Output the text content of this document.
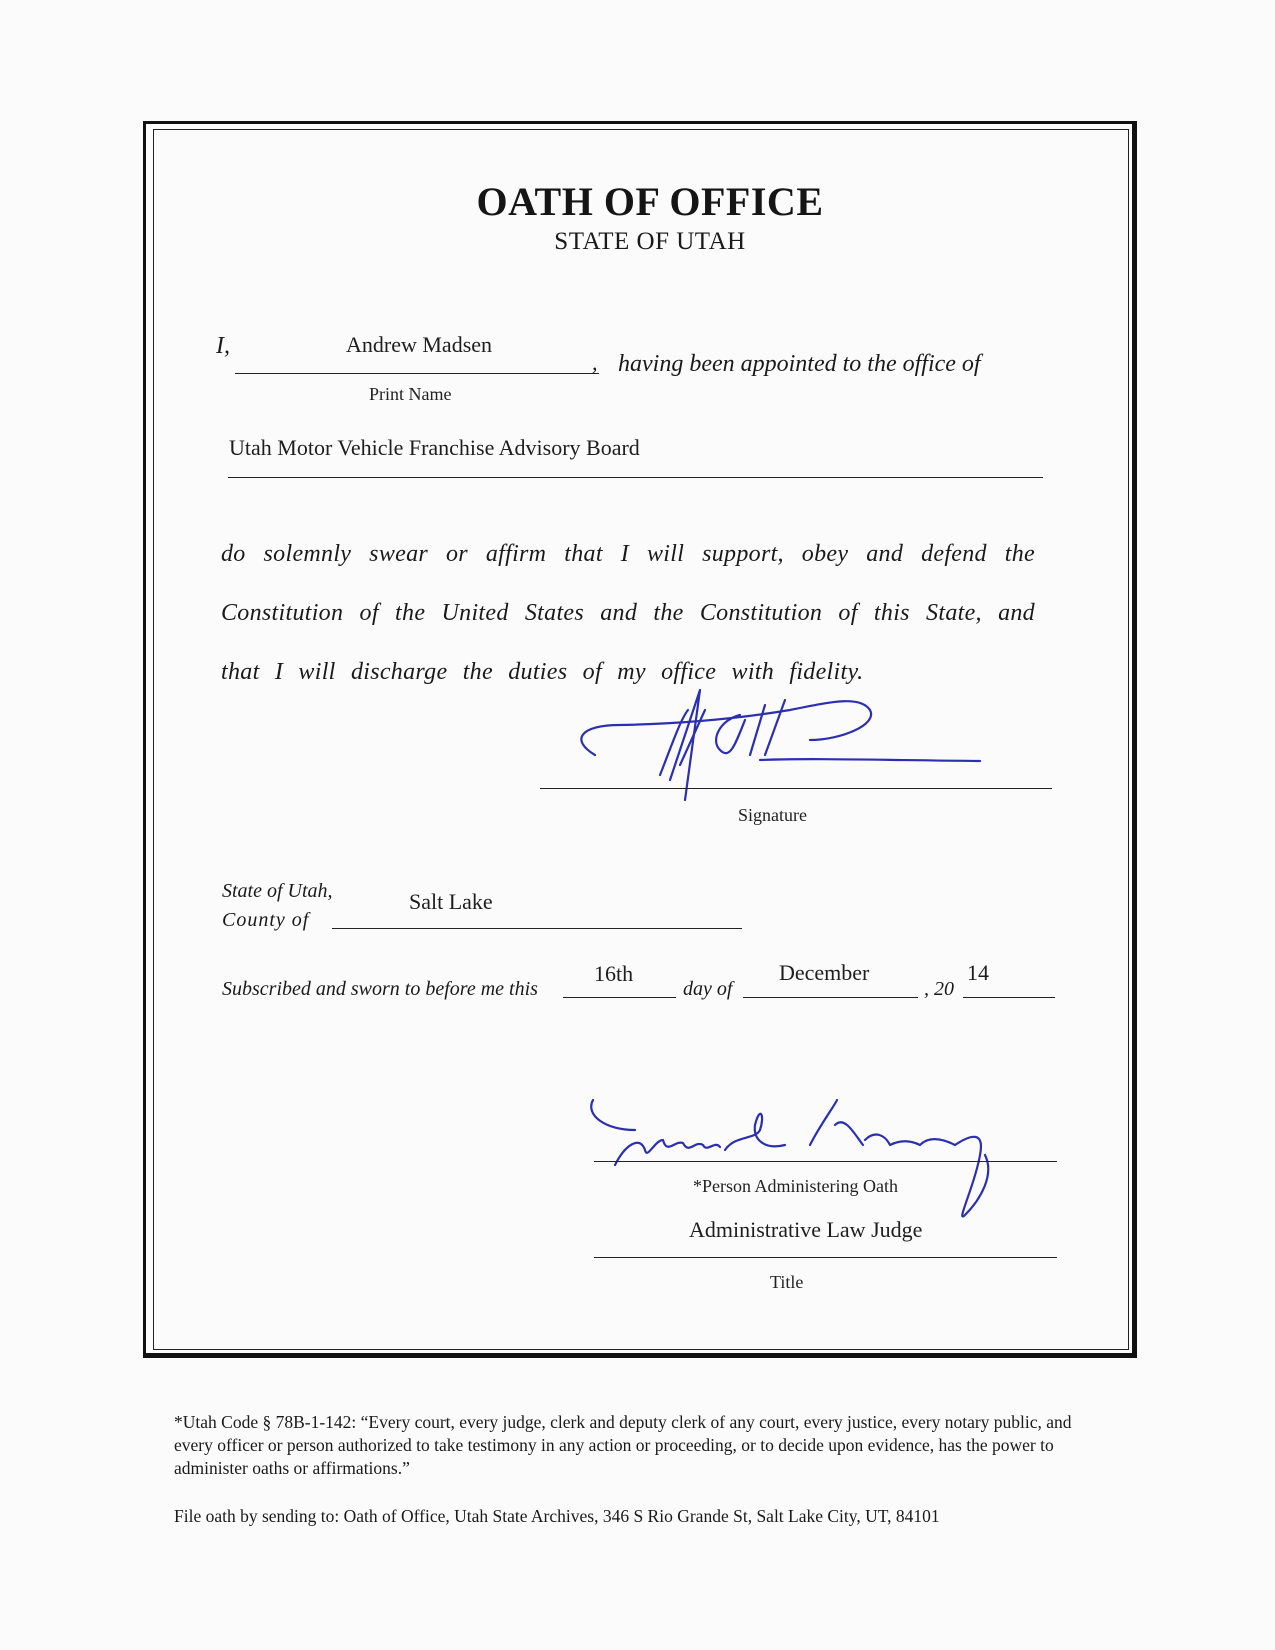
OATH OF OFFICE
STATE OF UTAH
I,	Andrew Madsen
, having been appointed to the office of
Print Name
Utah Motor Vehicle Franchise Advisory Board
do solemnly swear or affirm that I will support, obey and defend the
Constitution of the United States and the Constitution of this State, and
that I will discharge the duties of my office with fidelity.
Signature
State of Utah,
County of
Salt Lake
Subscribed and sworn to before me this
16th
day of
December
, 20
14
*Person Administering Oath
Administrative Law Judge
Title
*Utah Code § 78B-1-142: “Every court, every judge, clerk and deputy clerk of any court, every justice, every notary public, and every officer or person authorized to take testimony in any action or proceeding, or to decide upon evidence, has the power to administer oaths or affirmations.”
File oath by sending to: Oath of Office, Utah State Archives, 346 S Rio Grande St, Salt Lake City, UT, 84101
